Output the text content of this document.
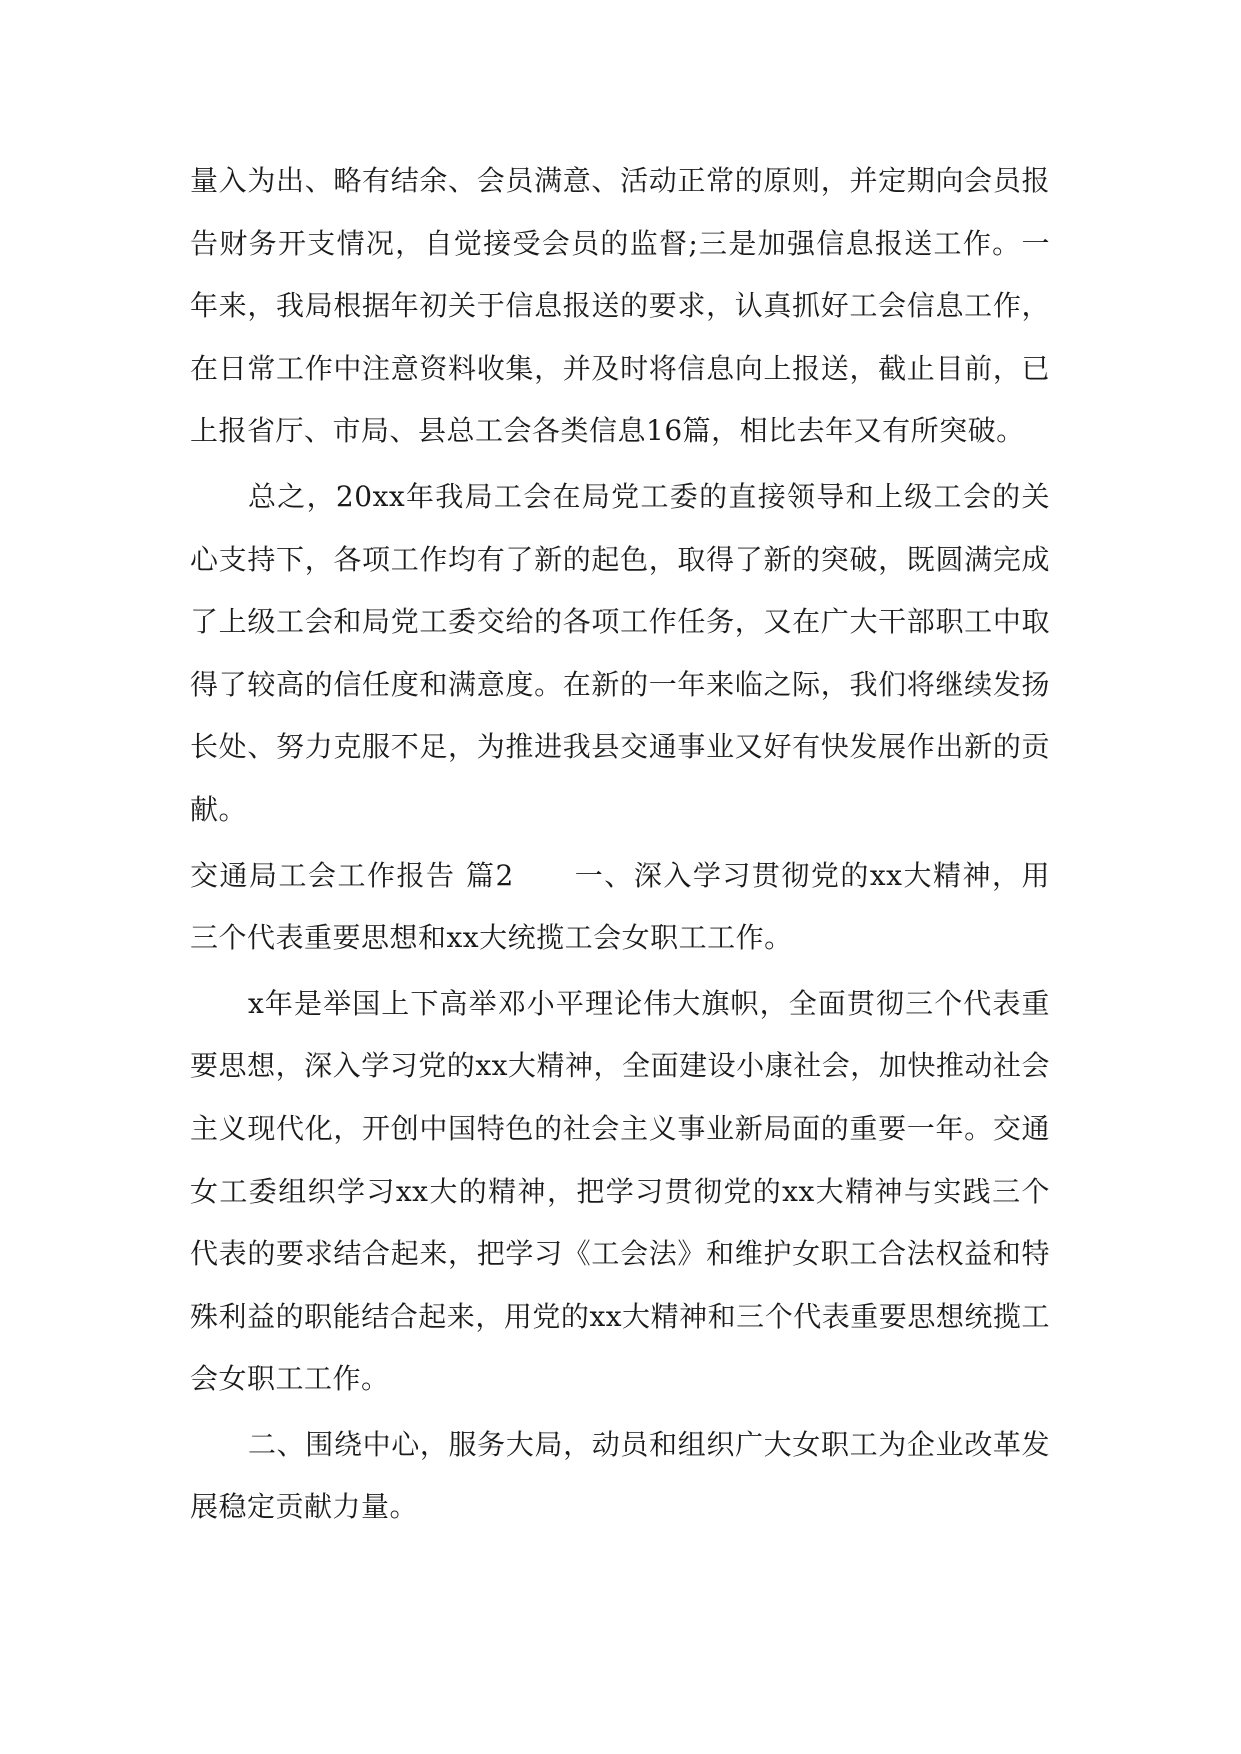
量入为出、略有结余、会员满意、活动正常的原则，并定期向会员报告财务开支情况，自觉接受会员的监督;三是加强信息报送工作。一年来，我局根据年初关于信息报送的要求，认真抓好工会信息工作，在日常工作中注意资料收集，并及时将信息向上报送，截止目前，已上报省厅、市局、县总工会各类信息16篇，相比去年又有所突破。

总之，20xx年我局工会在局党工委的直接领导和上级工会的关心支持下，各项工作均有了新的起色，取得了新的突破，既圆满完成了上级工会和局党工委交给的各项工作任务，又在广大干部职工中取得了较高的信任度和满意度。在新的一年来临之际，我们将继续发扬长处、努力克服不足，为推进我县交通事业又好有快发展作出新的贡献。

交通局工会工作报告 篇2 一、深入学习贯彻党的xx大精神，用三个代表重要思想和xx大统揽工会女职工工作。

x年是举国上下高举邓小平理论伟大旗帜，全面贯彻三个代表重要思想，深入学习党的xx大精神，全面建设小康社会，加快推动社会主义现代化，开创中国特色的社会主义事业新局面的重要一年。交通女工委组织学习xx大的精神，把学习贯彻党的xx大精神与实践三个代表的要求结合起来，把学习《工会法》和维护女职工合法权益和特殊利益的职能结合起来，用党的xx大精神和三个代表重要思想统揽工会女职工工作。

二、围绕中心，服务大局，动员和组织广大女职工为企业改革发展稳定贡献力量。
